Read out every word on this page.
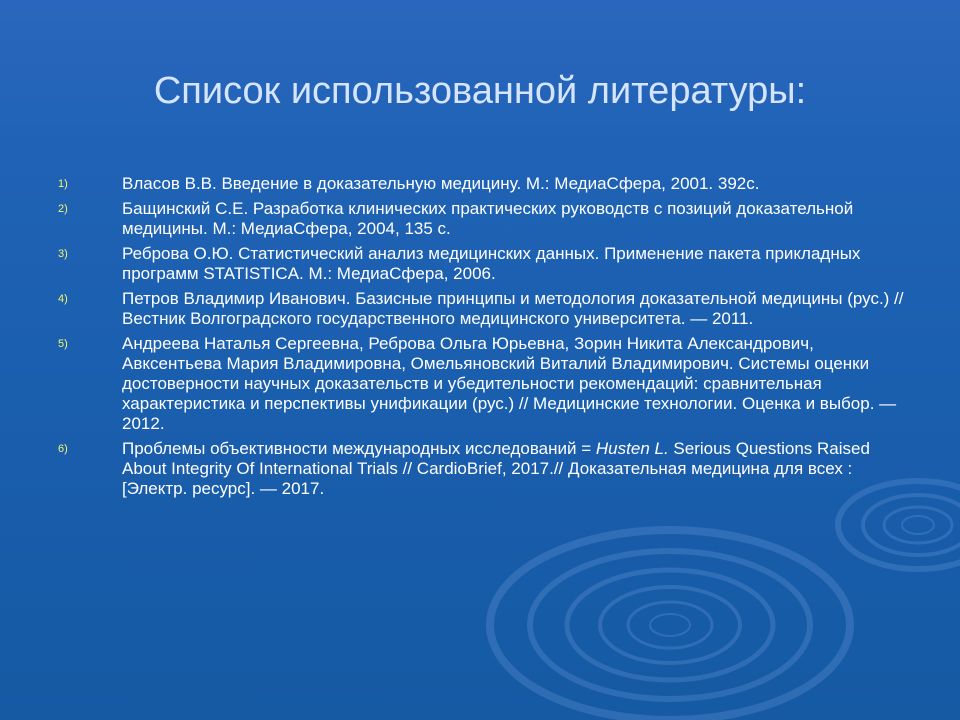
Список использованной литературы:
1)	Власов В.В. Введение в доказательную медицину. М.: МедиаСфера, 2001. 392с.
2)	Бащинский С.Е. Разработка клинических практических руководств с позиций доказательной медицины. М.: МедиаСфера, 2004, 135 с.
3)	Реброва О.Ю. Статистический анализ медицинских данных. Применение пакета прикладных программ STATISTICA. М.: МедиаСфера, 2006.
4)	Петров Владимир Иванович. Базисные принципы и методология доказательной медицины (рус.) // Вестник Волгоградского государственного медицинского университета. — 2011.
5)	Андреева Наталья Сергеевна, Реброва Ольга Юрьевна, Зорин Никита Александрович, Авксентьева Мария Владимировна, Омельяновский Виталий Владимирович. Системы оценки достоверности научных доказательств и убедительности рекомендаций: сравнительная характеристика и перспективы унификации (рус.) // Медицинские технологии. Оценка и выбор. — 2012.
6)	Проблемы объективности международных исследований = Husten L. Serious Questions Raised About Integrity Of International Trials // CardioBrief, 2017.// Доказательная медицина для всех : [Электр. ресурс]. — 2017.
